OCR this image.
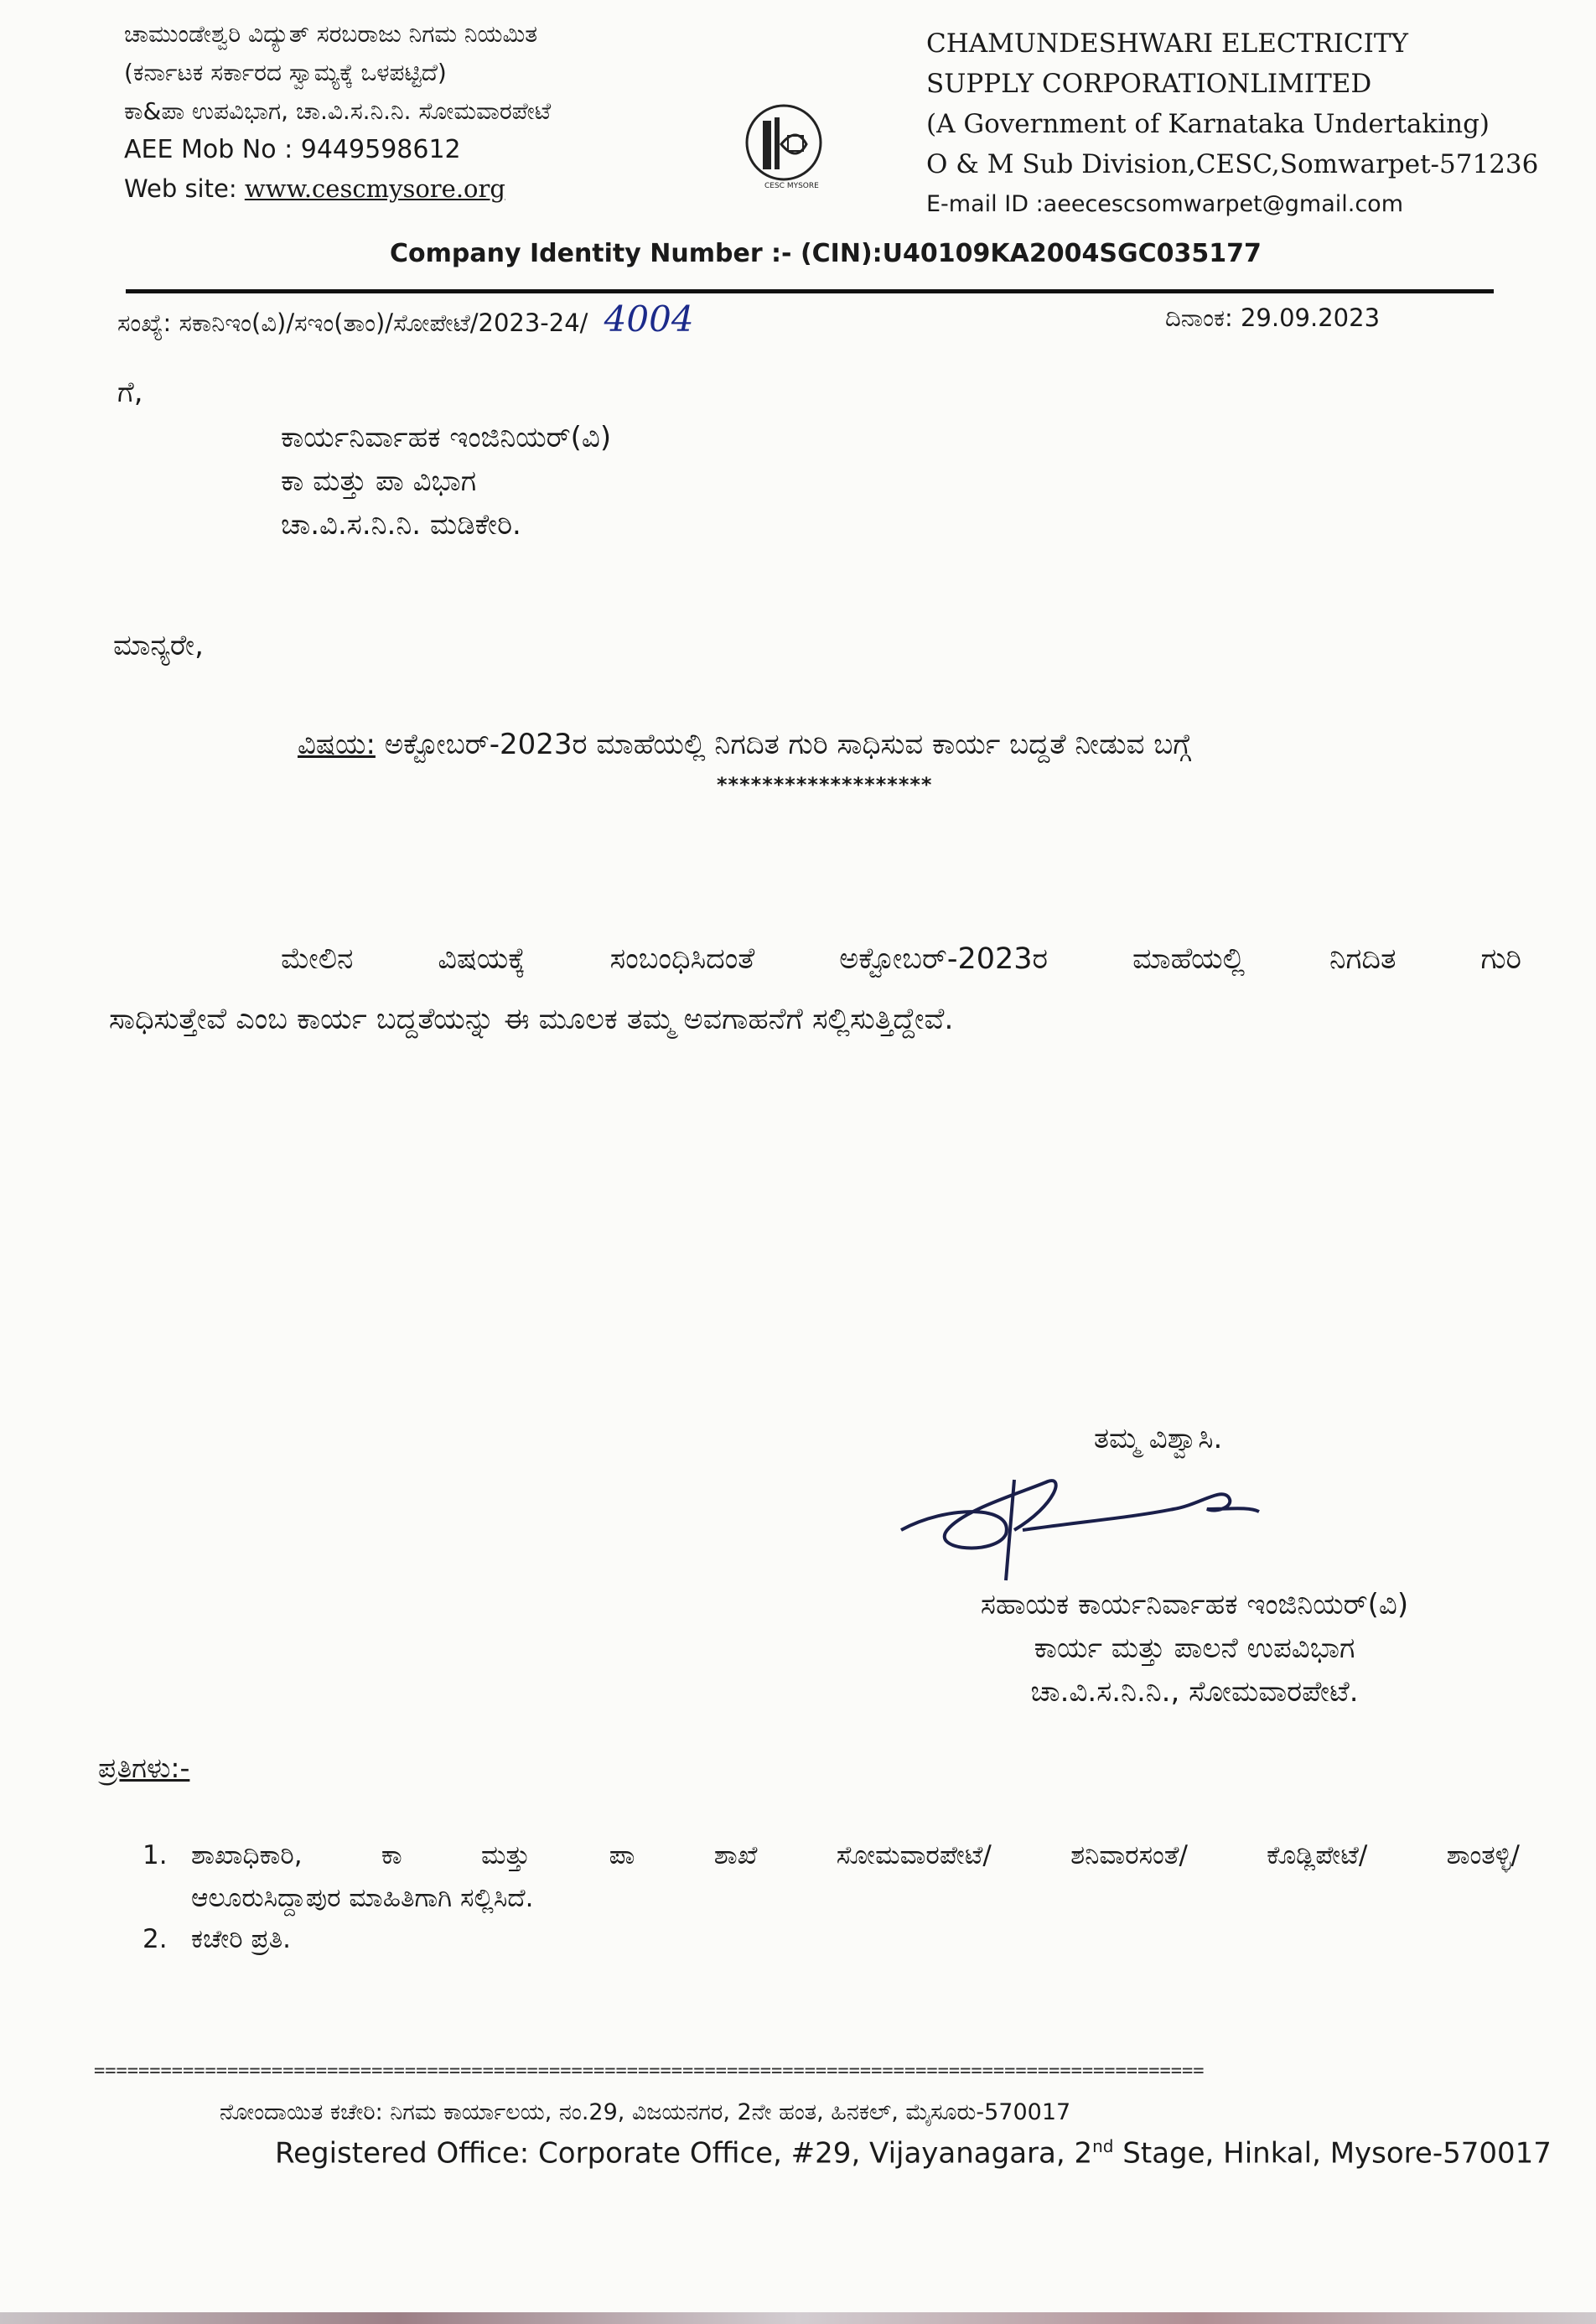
ಚಾಮುಂಡೇಶ್ವರಿ ವಿದ್ಯುತ್ ಸರಬರಾಜು ನಿಗಮ ನಿಯಮಿತ
(ಕರ್ನಾಟಕ ಸರ್ಕಾರದ ಸ್ವಾಮ್ಯಕ್ಕೆ ಒಳಪಟ್ಟಿದೆ)
ಕಾ&ಪಾ ಉಪವಿಭಾಗ, ಚಾ.ವಿ.ಸ.ನಿ.ನಿ. ಸೋಮವಾರಪೇಟೆ
AEE Mob No : 9449598612
Web site: www.cescmysore.org	CESC MYSORE
CHAMUNDESHWARI ELECTRICITY
SUPPLY CORPORATIONLIMITED
(A Government of Karnataka Undertaking)
O & M Sub Division,CESC,Somwarpet-571236
E-mail ID :aeecescsomwarpet@gmail.com
Company Identity Number :- (CIN):U40109KA2004SGC035177
ಸಂಖ್ಯೆ: ಸಕಾನಿಇಂ(ವಿ)/ಸಇಂ(ತಾಂ)/ಸೋಪೇಟೆ/2023-24/ 4004	ದಿನಾಂಕ: 29.09.2023
ಗೆ,
ಕಾರ್ಯನಿರ್ವಾಹಕ ಇಂಜಿನಿಯರ್(ವಿ)
ಕಾ ಮತ್ತು ಪಾ ವಿಭಾಗ
ಚಾ.ವಿ.ಸ.ನಿ.ನಿ. ಮಡಿಕೇರಿ.
ಮಾನ್ಯರೇ,
ವಿಷಯ: ಅಕ್ಟೋಬರ್-2023ರ ಮಾಹೆಯಲ್ಲಿ ನಿಗದಿತ ಗುರಿ ಸಾಧಿಸುವ ಕಾರ್ಯ ಬದ್ದತೆ ನೀಡುವ ಬಗ್ಗೆ
*******************
ಮೇಲಿನ ವಿಷಯಕ್ಕೆ ಸಂಬಂಧಿಸಿದಂತೆ ಅಕ್ಟೋಬರ್-2023ರ ಮಾಹೆಯಲ್ಲಿ ನಿಗದಿತ ಗುರಿ
ಸಾಧಿಸುತ್ತೇವೆ ಎಂಬ ಕಾರ್ಯ ಬದ್ದತೆಯನ್ನು ಈ ಮೂಲಕ ತಮ್ಮ ಅವಗಾಹನೆಗೆ ಸಲ್ಲಿಸುತ್ತಿದ್ದೇವೆ.
ತಮ್ಮ ವಿಶ್ವಾಸಿ.
ಸಹಾಯಕ ಕಾರ್ಯನಿರ್ವಾಹಕ ಇಂಜಿನಿಯರ್(ವಿ)
ಕಾರ್ಯ ಮತ್ತು ಪಾಲನೆ ಉಪವಿಭಾಗ
ಚಾ.ವಿ.ಸ.ನಿ.ನಿ., ಸೋಮವಾರಪೇಟೆ.
ಪ್ರತಿಗಳು:-
1. ಶಾಖಾಧಿಕಾರಿ, ಕಾ ಮತ್ತು ಪಾ ಶಾಖೆ ಸೋಮವಾರಪೇಟೆ/ ಶನಿವಾರಸಂತೆ/ ಕೊಡ್ಲಿಪೇಟೆ/ ಶಾಂತಳ್ಳಿ/
ಆಲೂರುಸಿದ್ದಾಪುರ ಮಾಹಿತಿಗಾಗಿ ಸಲ್ಲಿಸಿದೆ.
2. ಕಚೇರಿ ಪ್ರತಿ.
====================================================================================================
ನೋಂದಾಯಿತ ಕಚೇರಿ: ನಿಗಮ ಕಾರ್ಯಾಲಯ, ನಂ.29, ವಿಜಯನಗರ, 2ನೇ ಹಂತ, ಹಿನಕಲ್, ಮೈಸೂರು-570017
Registered Office: Corporate Office, #29, Vijayanagara, 2nd Stage, Hinkal, Mysore-570017
